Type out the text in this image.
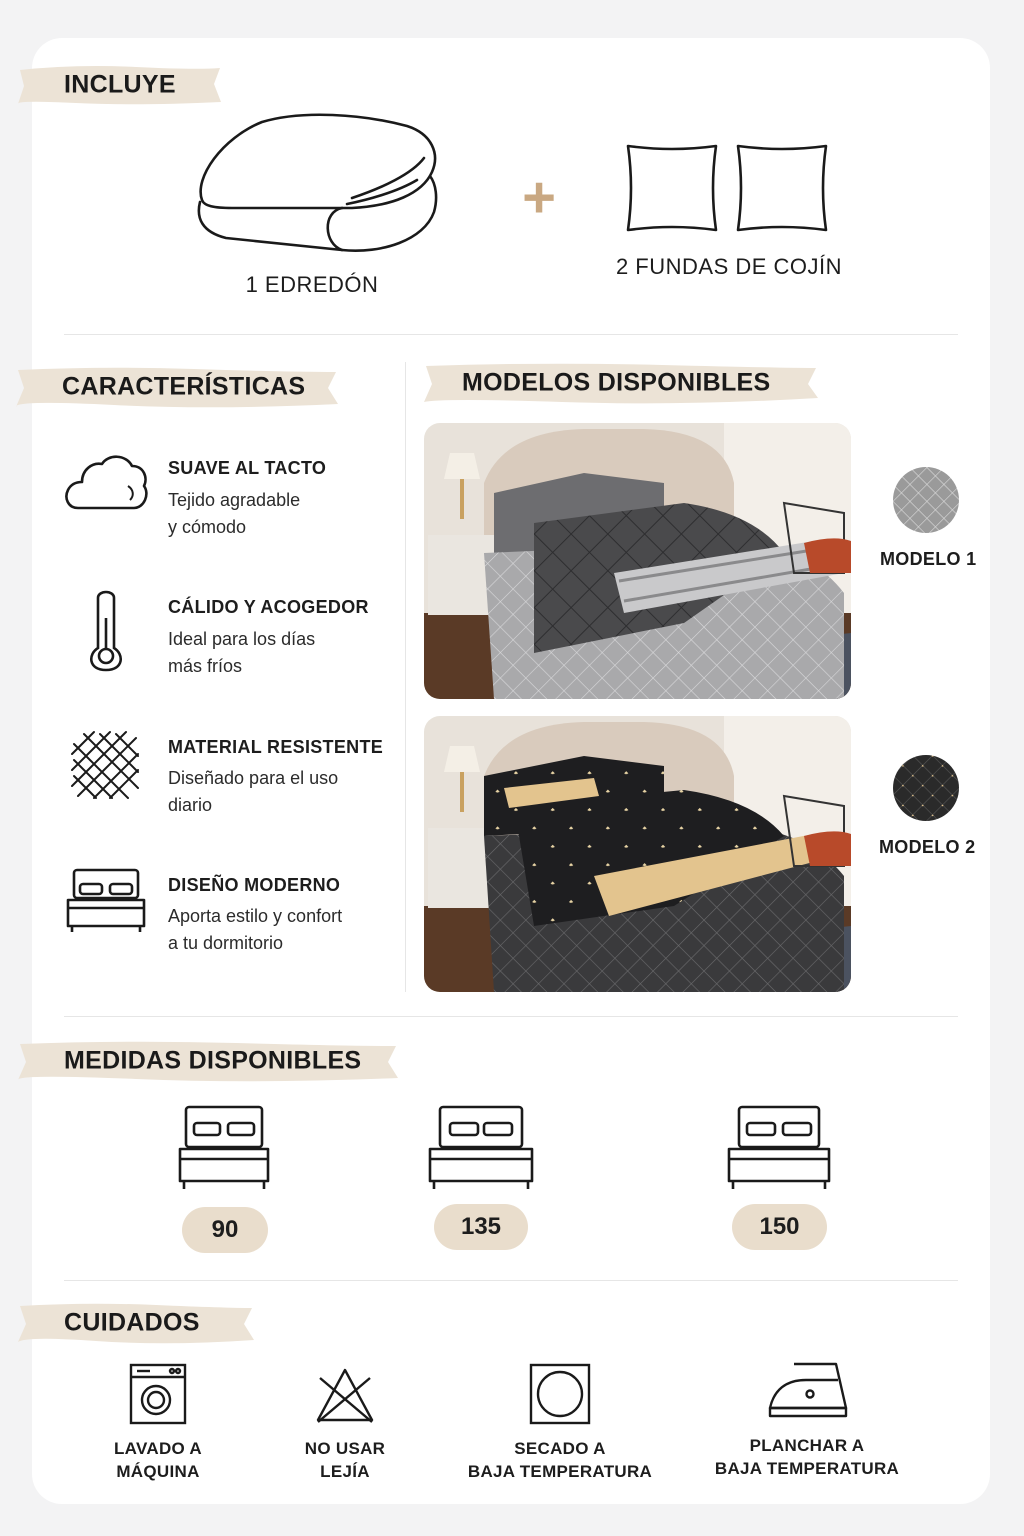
INCLUYE
1 EDREDÓN
+
2 FUNDAS DE COJÍN
CARACTERÍSTICAS
SUAVE AL TACTO
Tejido agradable
y cómodo
CÁLIDO Y ACOGEDOR
Ideal para los días
más fríos
MATERIAL RESISTENTE
Diseñado para el uso
diario
DISEÑO MODERNO
Aporta estilo y confort
a tu dormitorio
MODELOS DISPONIBLES
MODELO 1
MODELO 2
MEDIDAS DISPONIBLES
90	135	150
CUIDADOS
LAVADO A
MÁQUINA
NO USAR
LEJÍA
SECADO A
BAJA TEMPERATURA
PLANCHAR A
BAJA TEMPERATURA
